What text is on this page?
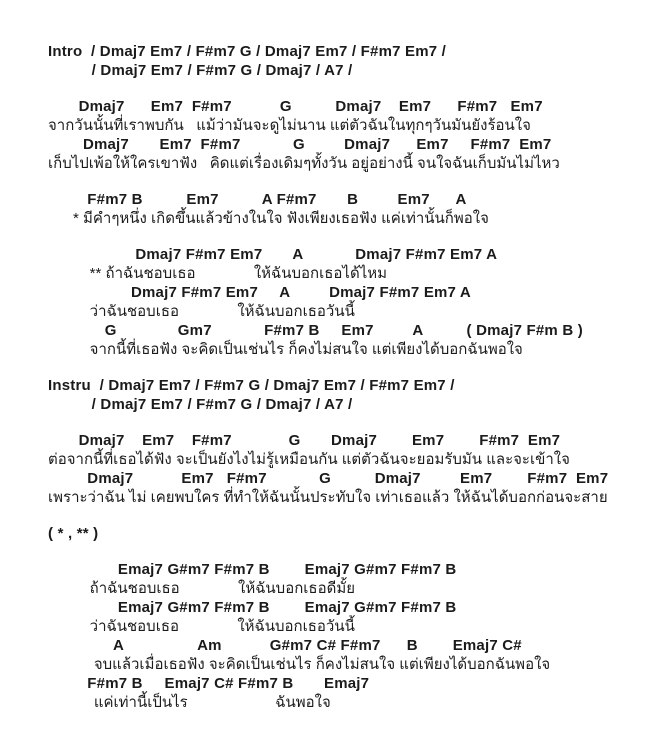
Intro  / Dmaj7 Em7 / F#m7 G / Dmaj7 Em7 / F#m7 Em7 /
/ Dmaj7 Em7 / F#m7 G / Dmaj7 / A7 /
Dmaj7      Em7  F#m7           G          Dmaj7    Em7      F#m7   Em7
จากวันนั้นที่เราพบกัน   แม้ว่ามันจะดูไม่นาน แต่ตัวฉันในทุกๆวันมันยังร้อนใจ
Dmaj7       Em7  F#m7            G         Dmaj7      Em7     F#m7  Em7
เก็บไปเพ้อให้ใครเขาฟัง   คิดแต่เรื่องเดิมๆทั้งวัน อยู่อย่างนี้ จนใจฉันเก็บมันไม่ไหว
F#m7 B          Em7          A F#m7       B         Em7      A
* มีคำๆหนึ่ง เกิดขึ้นแล้วข้างในใจ ฟังเพียงเธอฟัง แค่เท่านั้นก็พอใจ
Dmaj7 F#m7 Em7       A            Dmaj7 F#m7 Em7 A
** ถ้าฉันชอบเธอ              ให้ฉันบอกเธอได้ไหม
Dmaj7 F#m7 Em7     A         Dmaj7 F#m7 Em7 A
ว่าฉันชอบเธอ              ให้ฉันบอกเธอวันนี้
G              Gm7            F#m7 B     Em7         A          ( Dmaj7 F#m B )
จากนี้ที่เธอฟัง จะคิดเป็นเช่นไร ก็คงไม่สนใจ แต่เพียงได้บอกฉันพอใจ
Instru  / Dmaj7 Em7 / F#m7 G / Dmaj7 Em7 / F#m7 Em7 /
/ Dmaj7 Em7 / F#m7 G / Dmaj7 / A7 /
Dmaj7    Em7    F#m7             G       Dmaj7        Em7        F#m7  Em7
ต่อจากนี้ที่เธอได้ฟัง จะเป็นยังไงไม่รู้เหมือนกัน แต่ตัวฉันจะยอมรับมัน และจะเข้าใจ
Dmaj7           Em7   F#m7            G          Dmaj7         Em7        F#m7  Em7
เพราะว่าฉัน ไม่ เคยพบใคร ที่ทำให้ฉันนั้นประทับใจ เท่าเธอแล้ว ให้ฉันได้บอกก่อนจะสาย
( * , ** )
Emaj7 G#m7 F#m7 B        Emaj7 G#m7 F#m7 B
ถ้าฉันชอบเธอ              ให้ฉันบอกเธอดีมั้ย
Emaj7 G#m7 F#m7 B        Emaj7 G#m7 F#m7 B
ว่าฉันชอบเธอ              ให้ฉันบอกเธอวันนี้
A                 Am           G#m7 C# F#m7      B        Emaj7 C#
จบแล้วเมื่อเธอฟัง จะคิดเป็นเช่นไร ก็คงไม่สนใจ แต่เพียงได้บอกฉันพอใจ
F#m7 B     Emaj7 C# F#m7 B       Emaj7
แค่เท่านี้เป็นไร                     ฉันพอใจ
